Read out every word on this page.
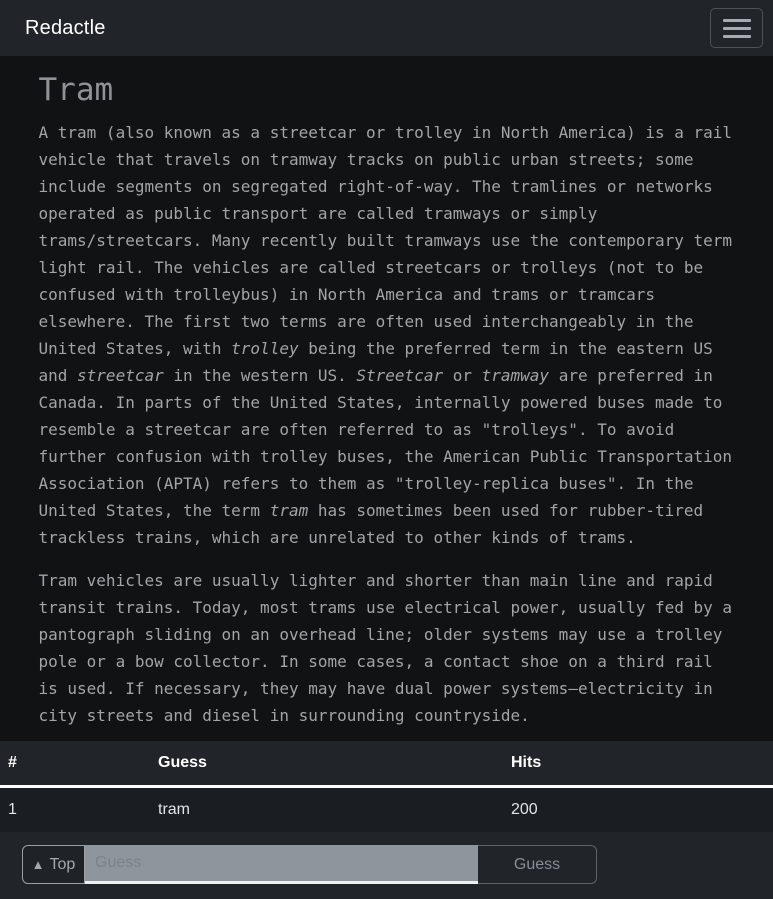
Redactle
Tram

A tram (also known as a streetcar or trolley in North America) is a rail vehicle that travels on tramway tracks on public urban streets; some include segments on segregated right-of-way. The tramlines or networks operated as public transport are called tramways or simply trams/streetcars. Many recently built tramways use the contemporary term light rail. The vehicles are called streetcars or trolleys (not to be confused with trolleybus) in North America and trams or tramcars elsewhere. The first two terms are often used interchangeably in the United States, with trolley being the preferred term in the eastern US and streetcar in the western US. Streetcar or tramway are preferred in Canada. In parts of the United States, internally powered buses made to resemble a streetcar are often referred to as "trolleys". To avoid further confusion with trolley buses, the American Public Transportation Association (APTA) refers to them as "trolley-replica buses". In the United States, the term tram has sometimes been used for rubber-tired trackless trains, which are unrelated to other kinds of trams.

Tram vehicles are usually lighter and shorter than main line and rapid transit trains. Today, most trams use electrical power, usually fed by a pantograph sliding on an overhead line; older systems may use a trolley pole or a bow collector. In some cases, a contact shoe on a third rail is used. If necessary, they may have dual power systems—electricity in city streets and diesel in surrounding countryside.

#	Guess	Hits
1	tram	200
▲ Top
Guess	Guess
